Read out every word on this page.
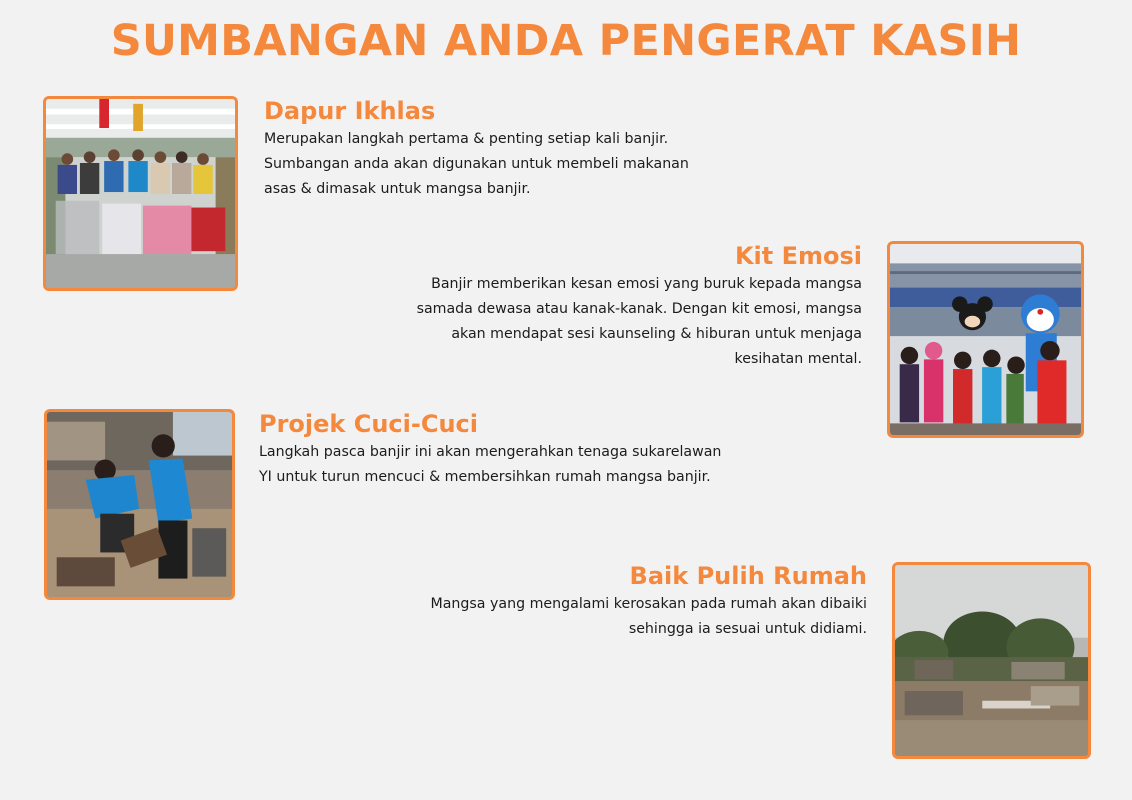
SUMBANGAN ANDA PENGERAT KASIH
Dapur Ikhlas

Merupakan langkah pertama & penting setiap kali banjir.
Sumbangan anda akan digunakan untuk membeli makanan
asas & dimasak untuk mangsa banjir.

Kit Emosi

Banjir memberikan kesan emosi yang buruk kepada mangsa
samada dewasa atau kanak-kanak. Dengan kit emosi, mangsa
akan mendapat sesi kaunseling & hiburan untuk menjaga
kesihatan mental.

Projek Cuci-Cuci

Langkah pasca banjir ini akan mengerahkan tenaga sukarelawan
YI untuk turun mencuci & membersihkan rumah mangsa banjir.

Baik Pulih Rumah

Mangsa yang mengalami kerosakan pada rumah akan dibaiki
sehingga ia sesuai untuk didiami.
